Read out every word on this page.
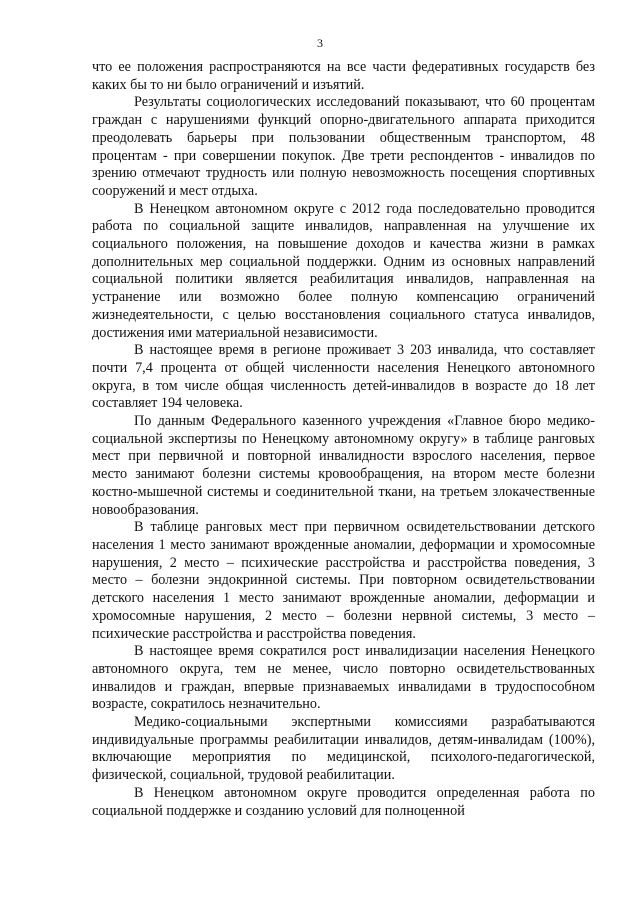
3

что ее положения распространяются на все части федеративных государств без каких бы то ни было ограничений и изъятий.

Результаты социологических исследований показывают, что 60 процентам граждан с нарушениями функций опорно-двигательного аппарата приходится преодолевать барьеры при пользовании общественным транспортом, 48 процентам - при совершении покупок. Две трети респондентов - инвалидов по зрению отмечают трудность или полную невозможность посещения спортивных сооружений и мест отдыха.

В Ненецком автономном округе с 2012 года последовательно проводится работа по социальной защите инвалидов, направленная на улучшение их социального положения, на повышение доходов и качества жизни в рамках дополнительных мер социальной поддержки. Одним из основных направлений социальной политики является реабилитация инвалидов, направленная на устранение или возможно более полную компенсацию ограничений жизнедеятельности, с целью восстановления социального статуса инвалидов, достижения ими материальной независимости.

В настоящее время в регионе проживает 3 203 инвалида, что составляет почти 7,4 процента от общей численности населения Ненецкого автономного округа, в том числе общая численность детей-инвалидов в возрасте до 18 лет составляет 194 человека.

По данным Федерального казенного учреждения «Главное бюро медико-социальной экспертизы по Ненецкому автономному округу» в таблице ранговых мест при первичной и повторной инвалидности взрослого населения, первое место занимают болезни системы кровообращения, на втором месте болезни костно-мышечной системы и соединительной ткани, на третьем злокачественные новообразования.

В таблице ранговых мест при первичном освидетельствовании детского населения 1 место занимают врожденные аномалии, деформации и хромосомные нарушения, 2 место – психические расстройства и расстройства поведения, 3 место – болезни эндокринной системы. При повторном освидетельствовании детского населения 1 место занимают врожденные аномалии, деформации и хромосомные нарушения, 2 место – болезни нервной системы, 3 место – психические расстройства и расстройства поведения.

В настоящее время сократился рост инвалидизации населения Ненецкого автономного округа, тем не менее, число повторно освидетельствованных инвалидов и граждан, впервые признаваемых инвалидами в трудоспособном возрасте, сократилось незначительно.

Медико-социальными экспертными комиссиями разрабатываются индивидуальные программы реабилитации инвалидов, детям-инвалидам (100%), включающие мероприятия по медицинской, психолого-педагогической, физической, социальной, трудовой реабилитации.

В Ненецком автономном округе проводится определенная работа по социальной поддержке и созданию условий для полноценной
